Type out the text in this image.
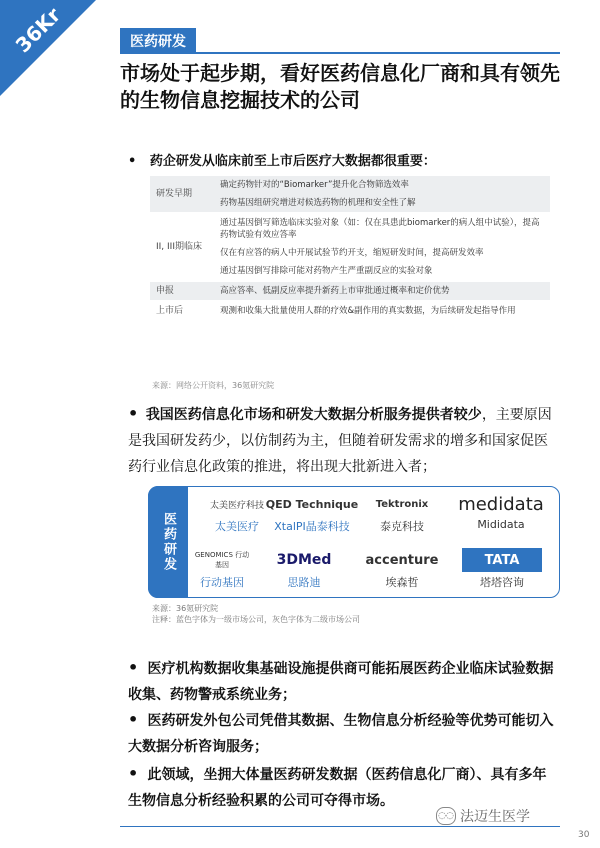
36Kr	医药研发
市场处于起步期，看好医药信息化厂商和具有领先的生物信息挖掘技术的公司
•   药企研发从临床前至上市后医疗大数据都很重要：
研发早期	确定药物针对的“Biomarker”提升化合物筛选效率
	药物基因组研究增进对候选药物的机理和安全性了解
II, III期临床	通过基因倒写筛选临床实验对象（如：仅在具患此biomarker的病人组中试验），提高药物试验有效应答率
	仅在有应答的病人中开展试验节约开支，缩短研发时间，提高研发效率
	通过基因倒写排除可能对药物产生严重副反应的实验对象
申报	高应答率、低副反应率提升新药上市审批通过概率和定价优势
上市后	观测和收集大批量使用人群的疗效&副作用的真实数据，为后续研发起指导作用
来源：网络公开资料，36氪研究院
• 我国医药信息化市场和研发大数据分析服务提供者较少，主要原因是我国研发药少，以仿制药为主，但随着研发需求的增多和国家促医药行业信息化政策的推进，将出现大批新进入者；
医药研发
太美医疗科技
太美医疗
QED Technique
XtalPI晶泰科技
Tektronix
泰克科技
medidata
Mididata
GENOMICS 行动基因
行动基因
3DMed
思路迪
accenture
埃森哲
TATA
塔塔咨询
来源：36氪研究院
注释：蓝色字体为一级市场公司，灰色字体为二级市场公司
• 医疗机构数据收集基础设施提供商可能拓展医药企业临床试验数据收集、药物警戒系统业务；
• 医药研发外包公司凭借其数据、生物信息分析经验等优势可能切入大数据分析咨询服务；
• 此领域，坐拥大体量医药研发数据（医药信息化厂商）、具有多年生物信息分析经验积累的公司可夺得市场。
◌◌ 法迈生医学
30
